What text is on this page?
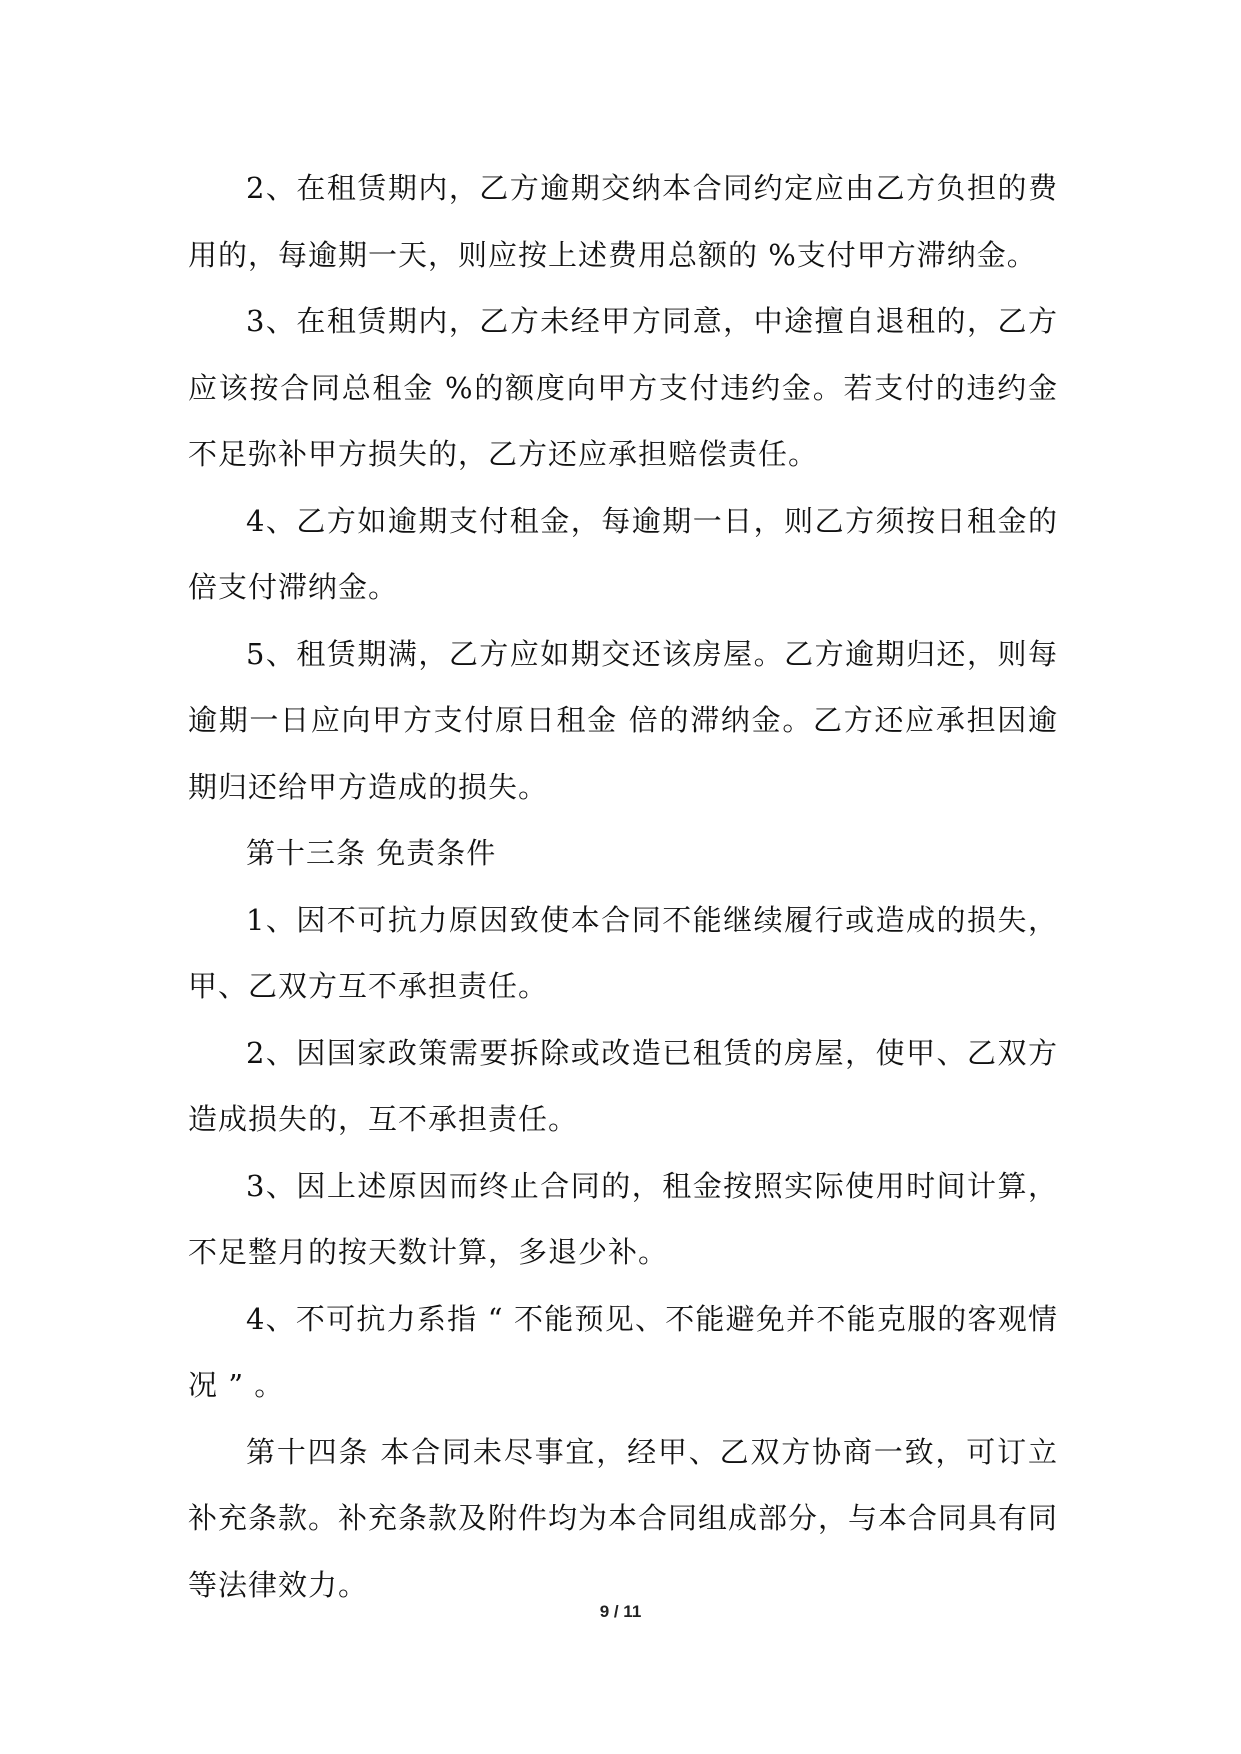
2、在租赁期内，乙方逾期交纳本合同约定应由乙方负担的费用的，每逾期一天，则应按上述费用总额的 %支付甲方滞纳金。

3、在租赁期内，乙方未经甲方同意，中途擅自退租的，乙方应该按合同总租金 %的额度向甲方支付违约金。若支付的违约金不足弥补甲方损失的，乙方还应承担赔偿责任。

4、乙方如逾期支付租金，每逾期一日，则乙方须按日租金的 倍支付滞纳金。

5、租赁期满，乙方应如期交还该房屋。乙方逾期归还，则每逾期一日应向甲方支付原日租金 倍的滞纳金。乙方还应承担因逾期归还给甲方造成的损失。

第十三条 免责条件

1、因不可抗力原因致使本合同不能继续履行或造成的损失，甲、乙双方互不承担责任。

2、因国家政策需要拆除或改造已租赁的房屋，使甲、乙双方造成损失的，互不承担责任。

3、因上述原因而终止合同的，租金按照实际使用时间计算，不足整月的按天数计算，多退少补。

4、不可抗力系指 “ 不能预见、不能避免并不能克服的客观情况 ” 。

第十四条 本合同未尽事宜，经甲、乙双方协商一致，可订立补充条款。补充条款及附件均为本合同组成部分，与本合同具有同等法律效力。

9 / 11
